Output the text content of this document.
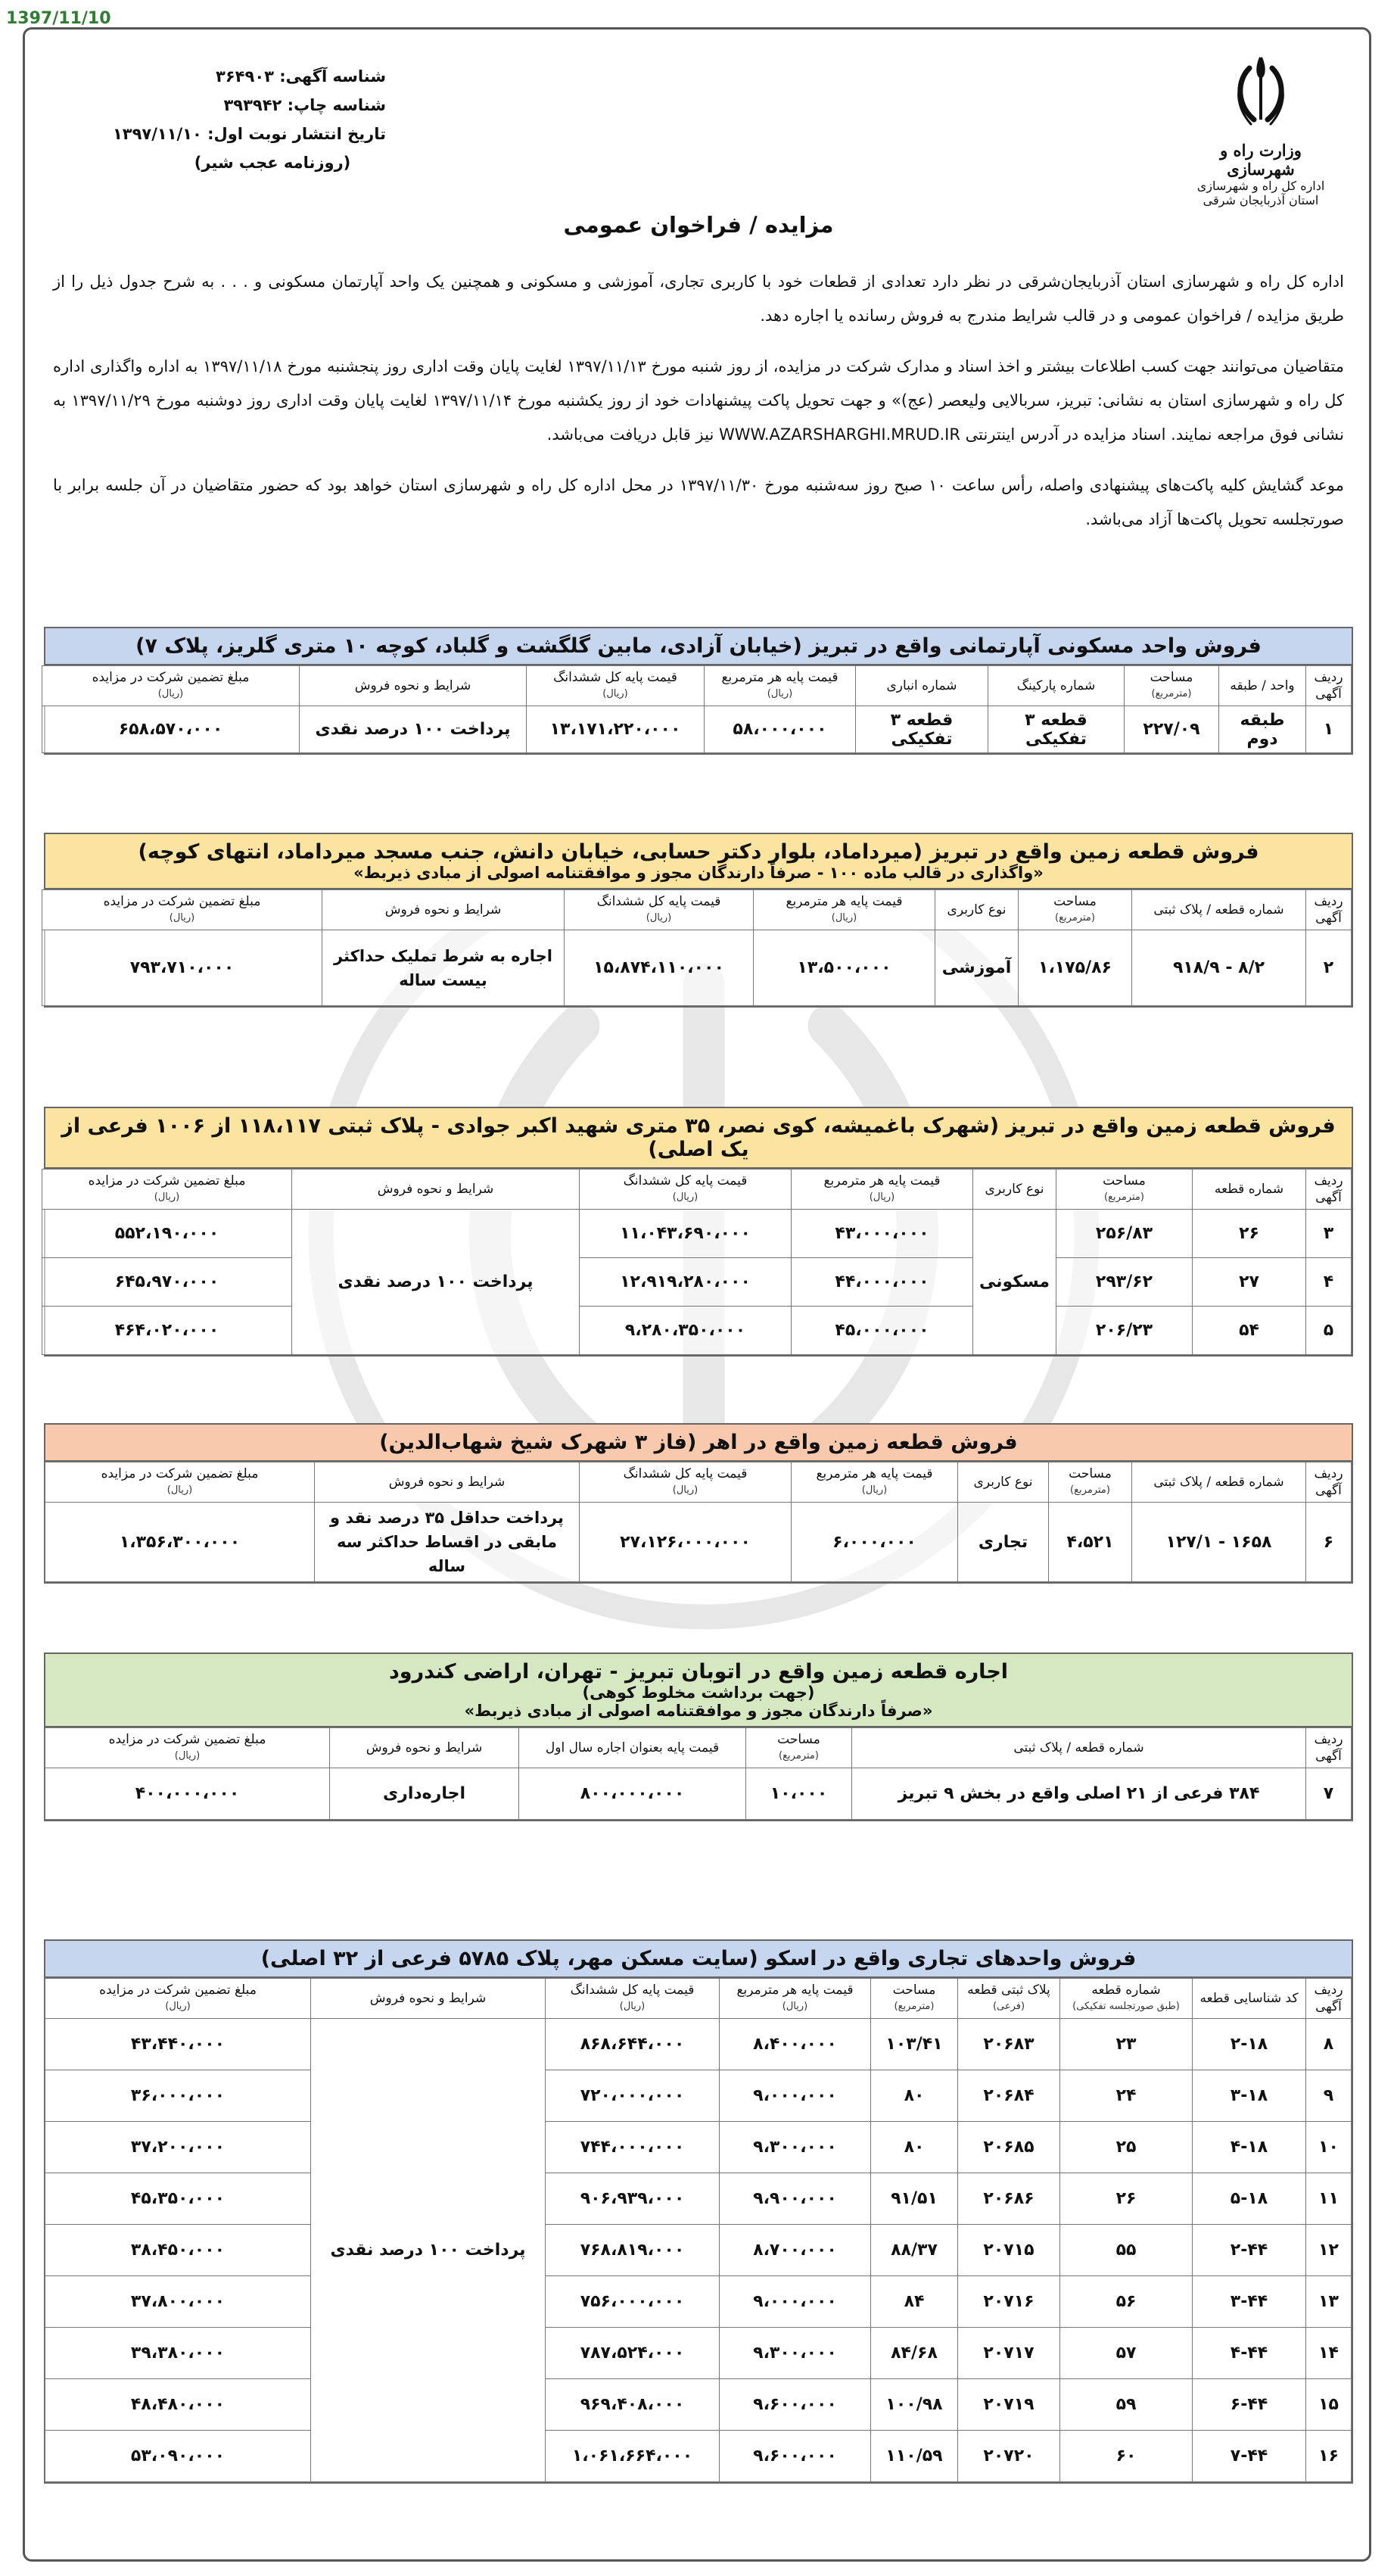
1397/11/10
وزارت راه و شهرسازی
اداره کل راه و شهرسازی استان آذربایجان شرقی
شناسه آگهی: ۳۶۴۹۰۳
شناسه چاپ: ۳۹۳۹۴۲
تاریخ انتشار نوبت اول: ۱۳۹۷/۱۱/۱۰
(روزنامه عجب شیر)
مزایده / فراخوان عمومی

اداره کل راه و شهرسازی استان آذربایجان‌شرقی در نظر دارد تعدادی از قطعات خود با کاربری تجاری، آموزشی و مسکونی و همچنین یک واحد آپارتمان مسکونی و . . . به شرح جدول ذیل را از طریق مزایده / فراخوان عمومی و در قالب شرایط مندرج به فروش رسانده یا اجاره دهد.

متقاضیان می‌توانند جهت کسب اطلاعات بیشتر و اخذ اسناد و مدارک شرکت در مزایده، از روز شنبه مورخ ۱۳۹۷/۱۱/۱۳ لغایت پایان وقت اداری روز پنجشنبه مورخ ۱۳۹۷/۱۱/۱۸ به اداره واگذاری اداره کل راه و شهرسازی استان به نشانی: تبریز، سربالایی ولیعصر (عج)» و جهت تحویل پاکت پیشنهادات خود از روز یکشنبه مورخ ۱۳۹۷/۱۱/۱۴ لغایت پایان وقت اداری روز دوشنبه مورخ ۱۳۹۷/۱۱/۲۹ به نشانی فوق مراجعه نمایند. اسناد مزایده در آدرس اینترنتی WWW.AZARSHARGHI.MRUD.IR نیز قابل دریافت می‌باشد.

موعد گشایش کلیه پاکت‌های پیشنهادی واصله، رأس ساعت ۱۰ صبح روز سه‌شنبه مورخ ۱۳۹۷/۱۱/۳۰ در محل اداره کل راه و شهرسازی استان خواهد بود که حضور متقاضیان در آن جلسه برابر با صورتجلسه تحویل پاکت‌ها آزاد می‌باشد.

فروش واحد مسکونی آپارتمانی واقع در تبریز (خیابان آزادی، مابین گلگشت و گلباد، کوچه ۱۰ متری گلریز، پلاک ۷)
ردیف آگهی	واحد / طبقه	مساحت
(مترمربع)	شماره پارکینگ	شماره انباری	قیمت پایه هر مترمربع
(ریال)	قیمت پایه کل ششدانگ
(ریال)	شرایط و نحوه فروش	مبلغ تضمین شرکت در مزایده
(ریال)

۱	طبقه دوم	۲۲۷/۰۹	قطعه ۳ تفکیکی	قطعه ۳ تفکیکی	۵۸،۰۰۰،۰۰۰	۱۳،۱۷۱،۲۲۰،۰۰۰	پرداخت ۱۰۰ درصد نقدی	۶۵۸،۵۷۰،۰۰۰
فروش قطعه زمین واقع در تبریز (میرداماد، بلوار دکتر حسابی، خیابان دانش، جنب مسجد میرداماد، انتهای کوچه)
«واگذاری در قالب ماده ۱۰۰ - صرفاً دارندگان مجوز و موافقتنامه اصولی از مبادی ذیربط»
ردیف آگهی	شماره قطعه / پلاک ثبتی	مساحت
(مترمربع)	نوع کاربری	قیمت پایه هر مترمربع
(ریال)	قیمت پایه کل ششدانگ
(ریال)	شرایط و نحوه فروش	مبلغ تضمین شرکت در مزایده
(ریال)

۲	۸/۲ - ۹۱۸/۹	۱،۱۷۵/۸۶	آموزشی	۱۳،۵۰۰،۰۰۰	۱۵،۸۷۴،۱۱۰،۰۰۰	اجاره به شرط تملیک حداکثر بیست ساله	۷۹۳،۷۱۰،۰۰۰
فروش قطعه زمین واقع در تبریز (شهرک باغمیشه، کوی نصر، ۳۵ متری شهید اکبر جوادی - پلاک ثبتی ۱۱۸،۱۱۷ از ۱۰۰۶ فرعی از یک اصلی)
ردیف آگهی	شماره قطعه	مساحت
(مترمربع)	نوع کاربری	قیمت پایه هر مترمربع
(ریال)	قیمت پایه کل ششدانگ
(ریال)	شرایط و نحوه فروش	مبلغ تضمین شرکت در مزایده
(ریال)

۳	۲۶	۲۵۶/۸۳	مسکونی	۴۳،۰۰۰،۰۰۰	۱۱،۰۴۳،۶۹۰،۰۰۰	پرداخت ۱۰۰ درصد نقدی	۵۵۲،۱۹۰،۰۰۰
۴	۲۷	۲۹۳/۶۲		۴۴،۰۰۰،۰۰۰	۱۲،۹۱۹،۲۸۰،۰۰۰		۶۴۵،۹۷۰،۰۰۰
۵	۵۴	۲۰۶/۲۳		۴۵،۰۰۰،۰۰۰	۹،۲۸۰،۳۵۰،۰۰۰		۴۶۴،۰۲۰،۰۰۰
فروش قطعه زمین واقع در اهر (فاز ۳ شهرک شیخ شهاب‌الدین)
ردیف آگهی	شماره قطعه / پلاک ثبتی	مساحت
(مترمربع)	نوع کاربری	قیمت پایه هر مترمربع
(ریال)	قیمت پایه کل ششدانگ
(ریال)	شرایط و نحوه فروش	مبلغ تضمین شرکت در مزایده
(ریال)

۶	۱۶۵۸ - ۱۲۷/۱	۴،۵۲۱	تجاری	۶،۰۰۰،۰۰۰	۲۷،۱۲۶،۰۰۰،۰۰۰	پرداخت حداقل ۳۵ درصد نقد و مابقی در اقساط حداکثر سه ساله	۱،۳۵۶،۳۰۰،۰۰۰
اجاره قطعه زمین واقع در اتوبان تبریز - تهران، اراضی کندرود
(جهت برداشت مخلوط کوهی)
«صرفاً دارندگان مجوز و موافقتنامه اصولی از مبادی ذیربط»
ردیف آگهی	شماره قطعه / پلاک ثبتی	مساحت
(مترمربع)	قیمت پایه بعنوان اجاره سال اول	شرایط و نحوه فروش	مبلغ تضمین شرکت در مزایده
(ریال)

۷	۳۸۴ فرعی از ۲۱ اصلی واقع در بخش ۹ تبریز	۱۰،۰۰۰	۸۰۰،۰۰۰،۰۰۰	اجاره‌داری	۴۰۰،۰۰۰،۰۰۰
فروش واحدهای تجاری واقع در اسکو (سایت مسکن مهر، پلاک ۵۷۸۵ فرعی از ۳۲ اصلی)
ردیف آگهی	کد شناسایی قطعه	شماره قطعه
(طبق صورتجلسه تفکیکی)	پلاک ثبتی قطعه
(فرعی)	مساحت
(مترمربع)	قیمت پایه هر مترمربع
(ریال)	قیمت پایه کل ششدانگ
(ریال)	شرایط و نحوه فروش	مبلغ تضمین شرکت در مزایده
(ریال)

۸	۲-۱۸	۲۳	۲۰۶۸۳	۱۰۳/۴۱	۸،۴۰۰،۰۰۰	۸۶۸،۶۴۴،۰۰۰	پرداخت ۱۰۰ درصد نقدی	۴۳،۴۴۰،۰۰۰
۹	۳-۱۸	۲۴	۲۰۶۸۴	۸۰	۹،۰۰۰،۰۰۰	۷۲۰،۰۰۰،۰۰۰		۳۶،۰۰۰،۰۰۰
۱۰	۴-۱۸	۲۵	۲۰۶۸۵	۸۰	۹،۳۰۰،۰۰۰	۷۴۴،۰۰۰،۰۰۰		۳۷،۲۰۰،۰۰۰
۱۱	۵-۱۸	۲۶	۲۰۶۸۶	۹۱/۵۱	۹،۹۰۰،۰۰۰	۹۰۶،۹۳۹،۰۰۰		۴۵،۳۵۰،۰۰۰
۱۲	۲-۴۴	۵۵	۲۰۷۱۵	۸۸/۳۷	۸،۷۰۰،۰۰۰	۷۶۸،۸۱۹،۰۰۰		۳۸،۴۵۰،۰۰۰
۱۳	۳-۴۴	۵۶	۲۰۷۱۶	۸۴	۹،۰۰۰،۰۰۰	۷۵۶،۰۰۰،۰۰۰		۳۷،۸۰۰،۰۰۰
۱۴	۴-۴۴	۵۷	۲۰۷۱۷	۸۴/۶۸	۹،۳۰۰،۰۰۰	۷۸۷،۵۲۴،۰۰۰		۳۹،۳۸۰،۰۰۰
۱۵	۶-۴۴	۵۹	۲۰۷۱۹	۱۰۰/۹۸	۹،۶۰۰،۰۰۰	۹۶۹،۴۰۸،۰۰۰		۴۸،۴۸۰،۰۰۰
۱۶	۷-۴۴	۶۰	۲۰۷۲۰	۱۱۰/۵۹	۹،۶۰۰،۰۰۰	۱،۰۶۱،۶۶۴،۰۰۰		۵۳،۰۹۰،۰۰۰
